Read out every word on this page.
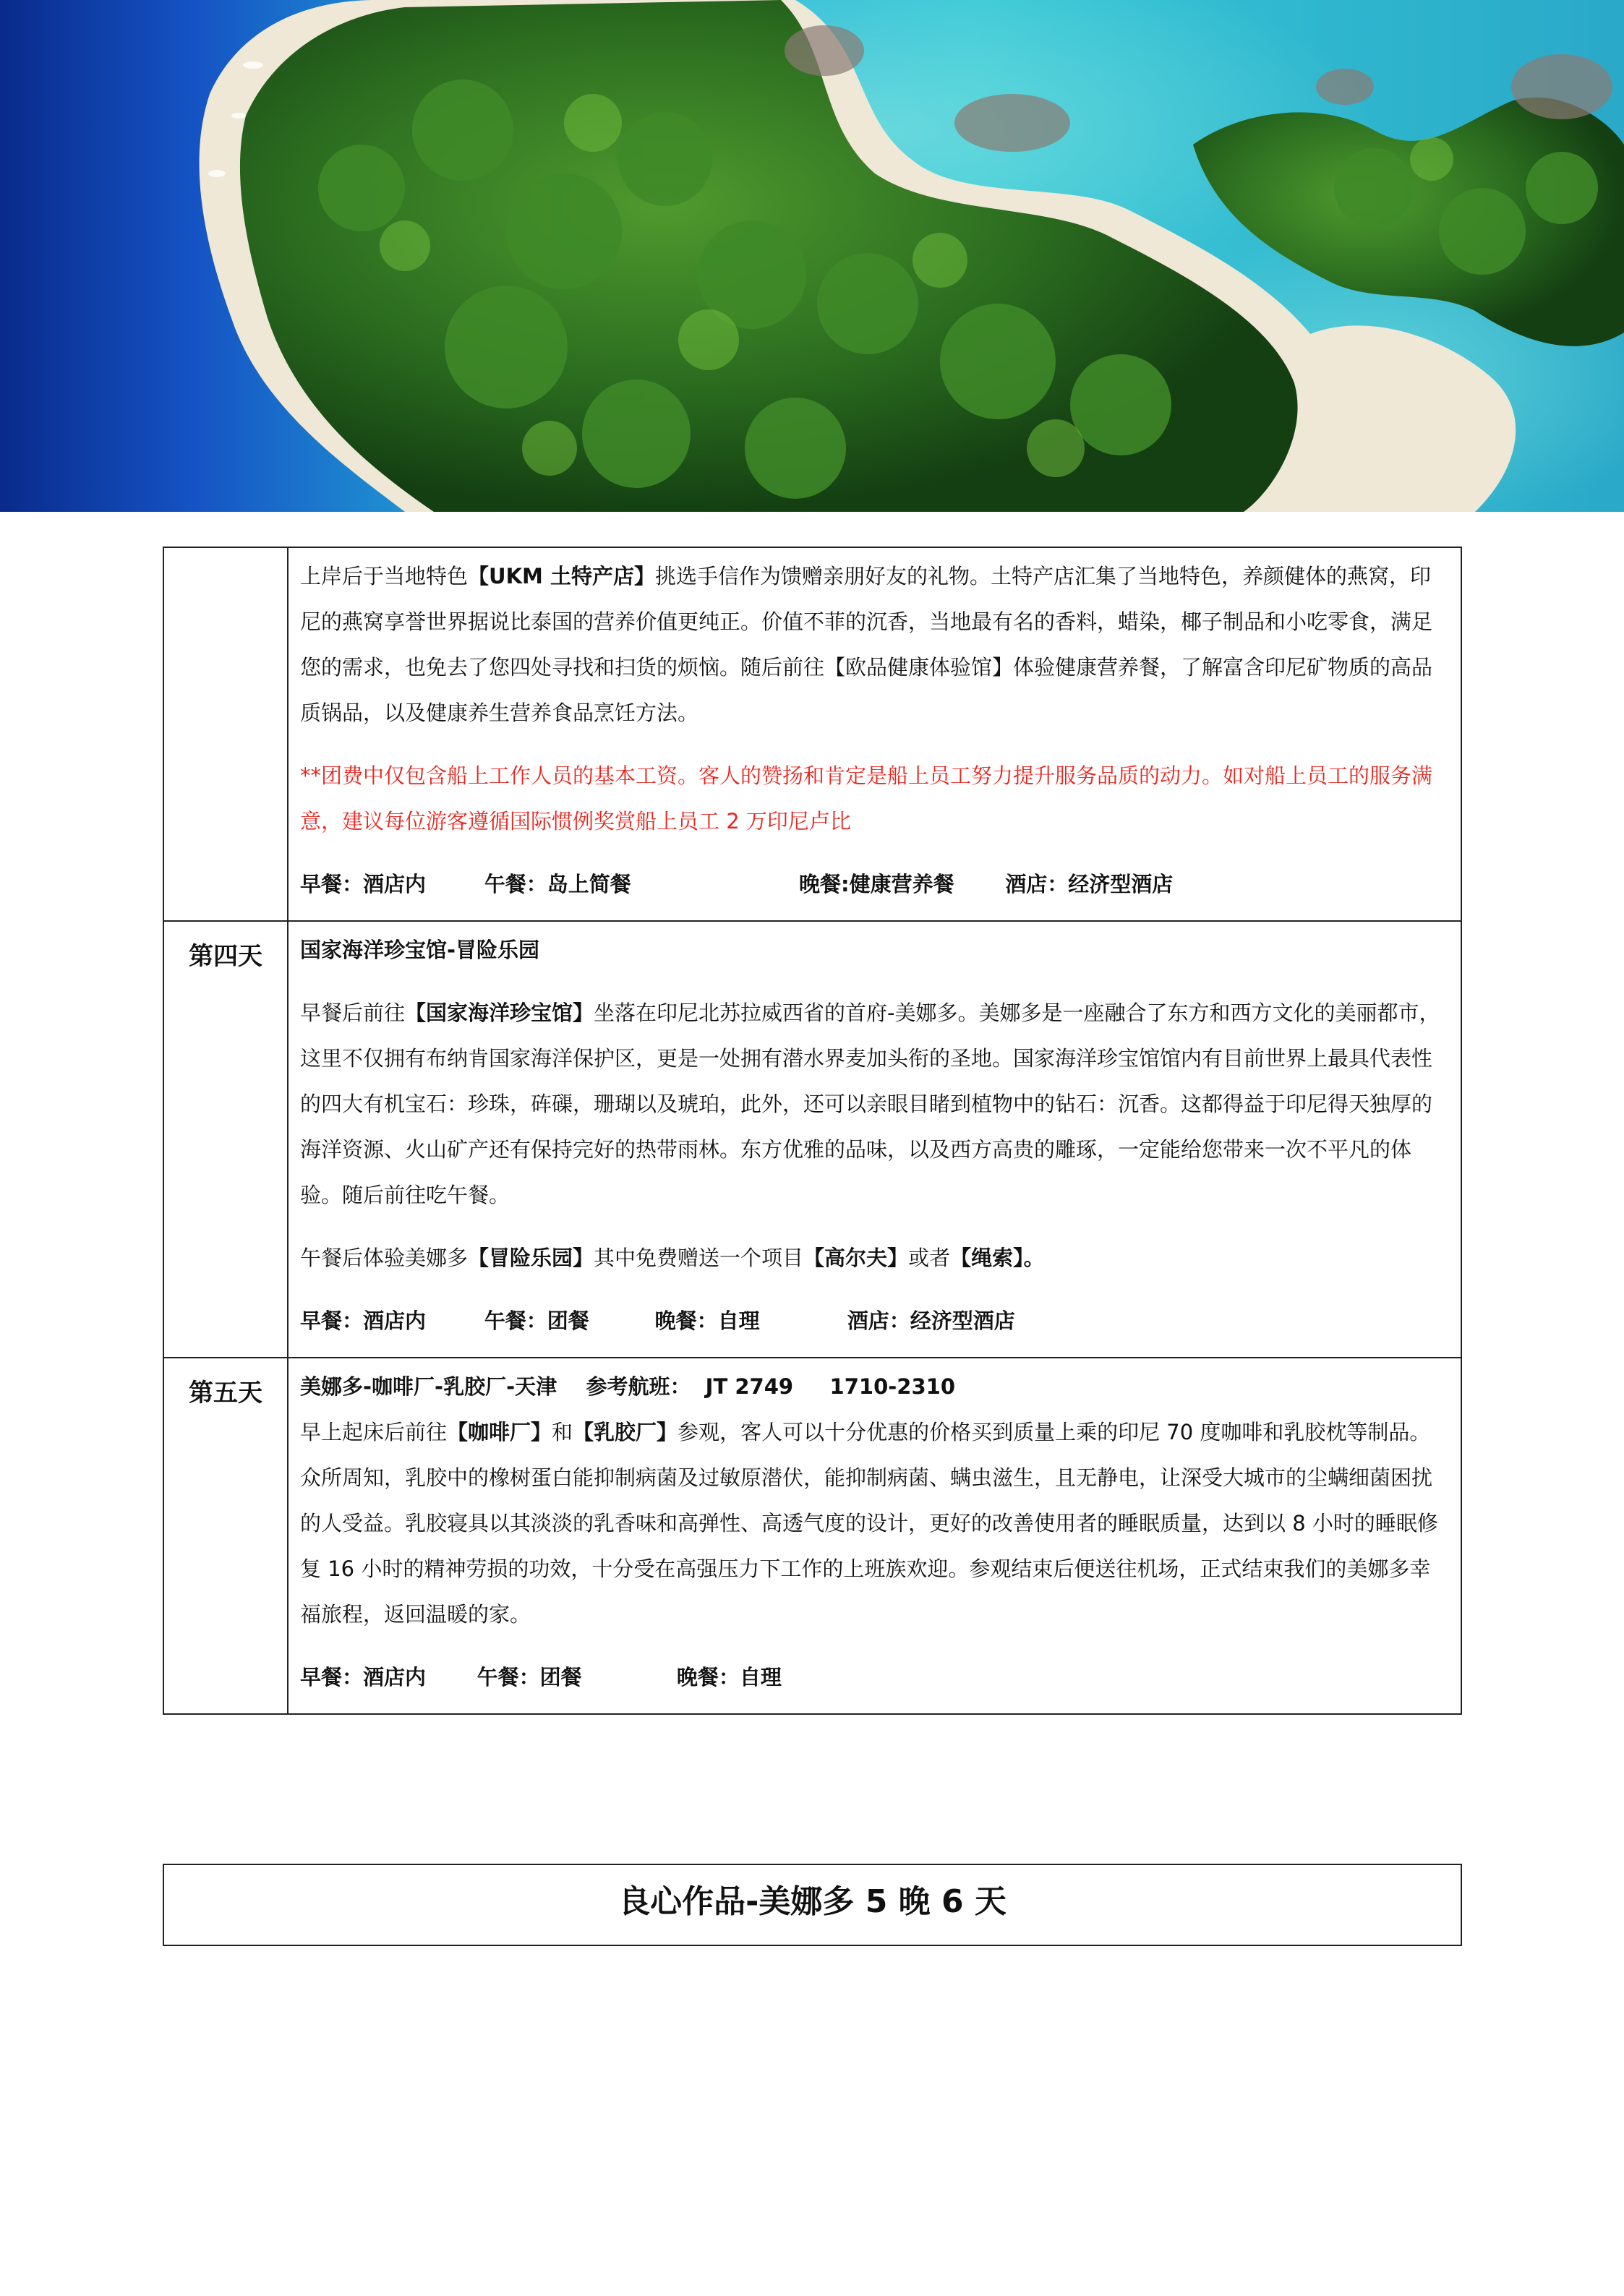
	上岸后于当地特色【UKM 土特产店】挑选手信作为馈赠亲朋好友的礼物。土特产店汇集了当地特色，养颜健体的燕窝，印尼的燕窝享誉世界据说比泰国的营养价值更纯正。价值不菲的沉香，当地最有名的香料，蜡染，椰子制品和小吃零食，满足您的需求，也免去了您四处寻找和扫货的烦恼。随后前往【欧品健康体验馆】体验健康营养餐，了解富含印尼矿物质的高品质锅品，以及健康养生营养食品烹饪方法。

**团费中仅包含船上工作人员的基本工资。客人的赞扬和肯定是船上员工努力提升服务品质的动力。如对船上员工的服务满意，建议每位游客遵循国际惯例奖赏船上员工 2 万印尼卢比

早餐：酒店内        午餐：岛上简餐                       晚餐:健康营养餐       酒店：经济型酒店

第四天	国家海洋珍宝馆-冒险乐园

早餐后前往【国家海洋珍宝馆】坐落在印尼北苏拉威西省的首府-美娜多。美娜多是一座融合了东方和西方文化的美丽都市，这里不仅拥有布纳肯国家海洋保护区，更是一处拥有潜水界麦加头衔的圣地。国家海洋珍宝馆馆内有目前世界上最具代表性的四大有机宝石：珍珠，砗磲，珊瑚以及琥珀，此外，还可以亲眼目睹到植物中的钻石：沉香。这都得益于印尼得天独厚的海洋资源、火山矿产还有保持完好的热带雨林。东方优雅的品味，以及西方高贵的雕琢，一定能给您带来一次不平凡的体验。随后前往吃午餐。

午餐后体验美娜多【冒险乐园】其中免费赠送一个项目【高尔夫】或者【绳索】。

早餐：酒店内        午餐：团餐         晚餐：自理            酒店：经济型酒店

第五天	美娜多-咖啡厂-乳胶厂-天津    参考航班：  JT 2749     1710-2310

早上起床后前往【咖啡厂】和【乳胶厂】参观，客人可以十分优惠的价格买到质量上乘的印尼 70 度咖啡和乳胶枕等制品。众所周知，乳胶中的橡树蛋白能抑制病菌及过敏原潜伏，能抑制病菌、螨虫滋生，且无静电，让深受大城市的尘螨细菌困扰的人受益。乳胶寝具以其淡淡的乳香味和高弹性、高透气度的设计，更好的改善使用者的睡眠质量，达到以 8 小时的睡眠修复 16 小时的精神劳损的功效，十分受在高强压力下工作的上班族欢迎。参观结束后便送往机场，正式结束我们的美娜多幸福旅程，返回温暖的家。

早餐：酒店内       午餐：团餐             晚餐：自理

良心作品-美娜多 5 晚 6 天
